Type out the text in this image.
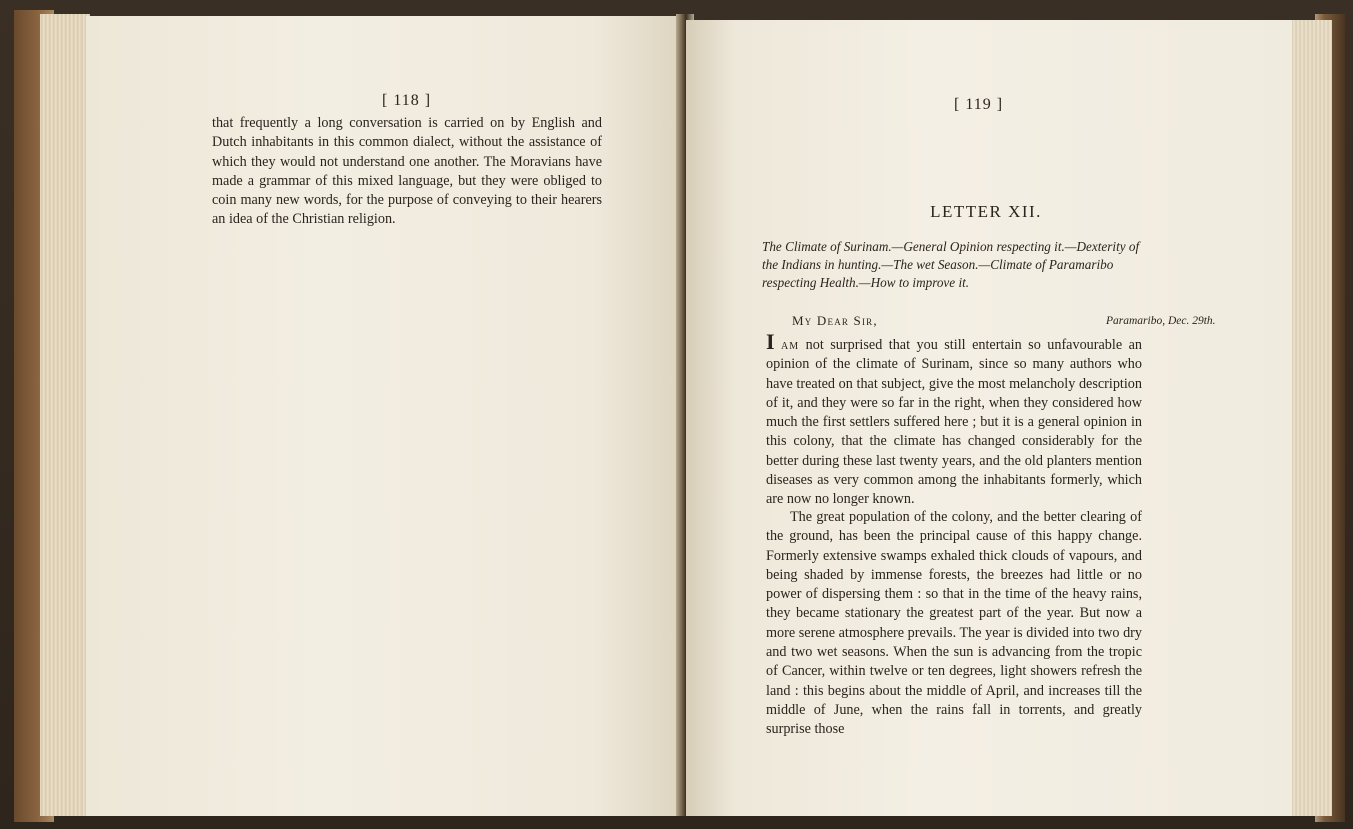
[ 118 ]
that frequently a long conversation is carried on by English and Dutch inhabitants in this common dialect, without the assistance of which they would not understand one another. The Moravians have made a grammar of this mixed language, but they were obliged to coin many new words, for the purpose of conveying to their hearers an idea of the Christian religion.
[ 119 ]
LETTER XII.
The Climate of Surinam.—General Opinion respecting it.—Dexterity of the Indians in hunting.—The wet Season.—Climate of Paramaribo respecting Health.—How to improve it.
My Dear Sir,	Paramaribo, Dec. 29th.

I am not surprised that you still entertain so unfavourable an opinion of the climate of Surinam, since so many authors who have treated on that subject, give the most melancholy description of it, and they were so far in the right, when they considered how much the first settlers suffered here ; but it is a general opinion in this colony, that the climate has changed considerably for the better during these last twenty years, and the old planters mention diseases as very common among the inhabitants formerly, which are now no longer known.

The great population of the colony, and the better clearing of the ground, has been the principal cause of this happy change. Formerly extensive swamps exhaled thick clouds of vapours, and being shaded by immense forests, the breezes had little or no power of dispersing them : so that in the time of the heavy rains, they became stationary the greatest part of the year. But now a more serene atmosphere prevails. The year is divided into two dry and two wet seasons. When the sun is advancing from the tropic of Cancer, within twelve or ten degrees, light showers refresh the land : this begins about the middle of April, and increases till the middle of June, when the rains fall in torrents, and greatly surprise those
